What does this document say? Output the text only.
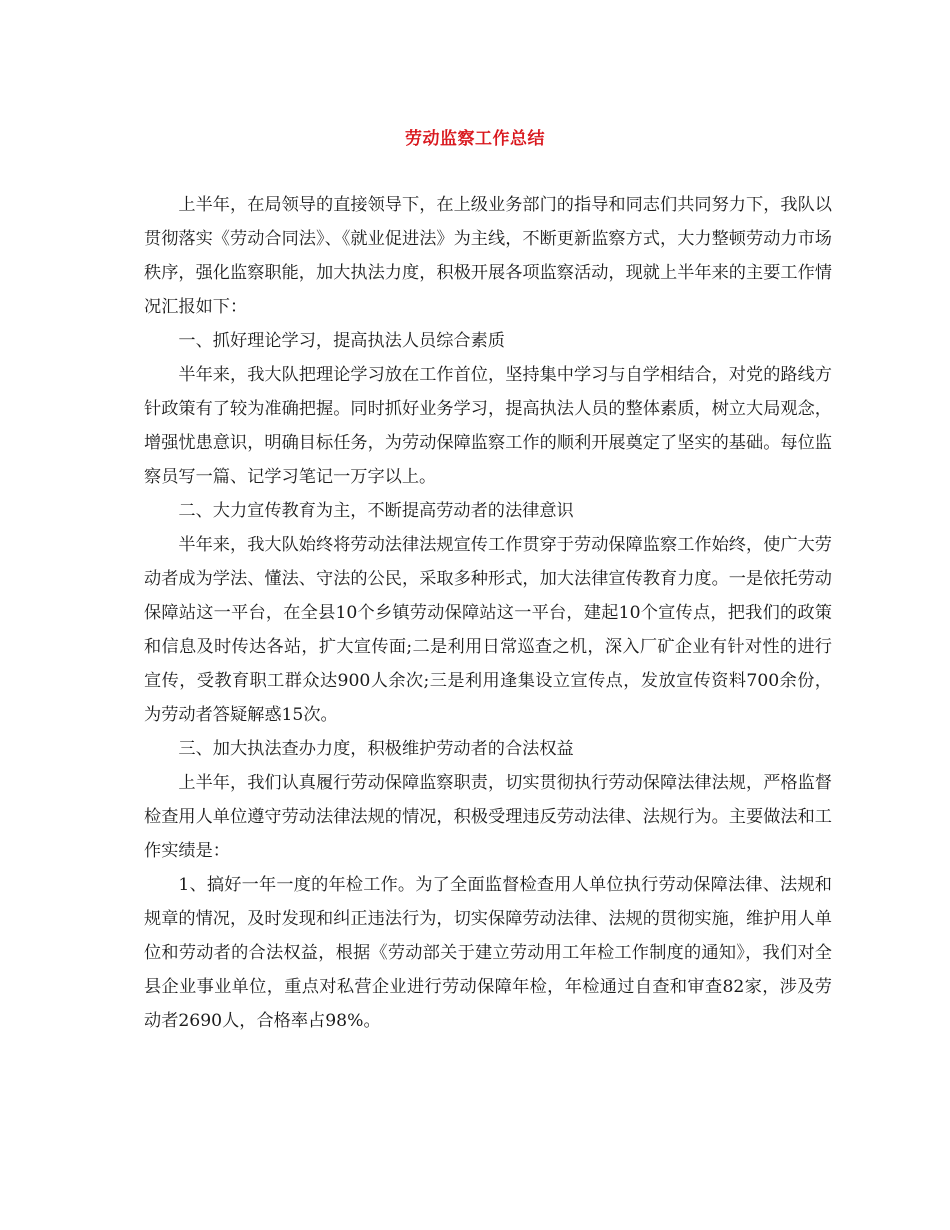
劳动监察工作总结

上半年，在局领导的直接领导下，在上级业务部门的指导和同志们共同努力下，我队以贯彻落实《劳动合同法》、《就业促进法》为主线，不断更新监察方式，大力整顿劳动力市场秩序，强化监察职能，加大执法力度，积极开展各项监察活动，现就上半年来的主要工作情况汇报如下：

一、抓好理论学习，提高执法人员综合素质

半年来，我大队把理论学习放在工作首位，坚持集中学习与自学相结合，对党的路线方针政策有了较为准确把握。同时抓好业务学习，提高执法人员的整体素质，树立大局观念，增强忧患意识，明确目标任务，为劳动保障监察工作的顺利开展奠定了坚实的基础。每位监察员写一篇、记学习笔记一万字以上。

二、大力宣传教育为主，不断提高劳动者的法律意识

半年来，我大队始终将劳动法律法规宣传工作贯穿于劳动保障监察工作始终，使广大劳动者成为学法、懂法、守法的公民，采取多种形式，加大法律宣传教育力度。一是依托劳动保障站这一平台，在全县10个乡镇劳动保障站这一平台，建起10个宣传点，把我们的政策和信息及时传达各站，扩大宣传面;二是利用日常巡查之机，深入厂矿企业有针对性的进行宣传，受教育职工群众达900人余次;三是利用逢集设立宣传点，发放宣传资料700余份，为劳动者答疑解惑15次。

三、加大执法查办力度，积极维护劳动者的合法权益

上半年，我们认真履行劳动保障监察职责，切实贯彻执行劳动保障法律法规，严格监督检查用人单位遵守劳动法律法规的情况，积极受理违反劳动法律、法规行为。主要做法和工作实绩是：

1、搞好一年一度的年检工作。为了全面监督检查用人单位执行劳动保障法律、法规和规章的情况，及时发现和纠正违法行为，切实保障劳动法律、法规的贯彻实施，维护用人单位和劳动者的合法权益，根据《劳动部关于建立劳动用工年检工作制度的通知》，我们对全县企业事业单位，重点对私营企业进行劳动保障年检，年检通过自查和审查82家，涉及劳动者2690人，合格率占98%。
